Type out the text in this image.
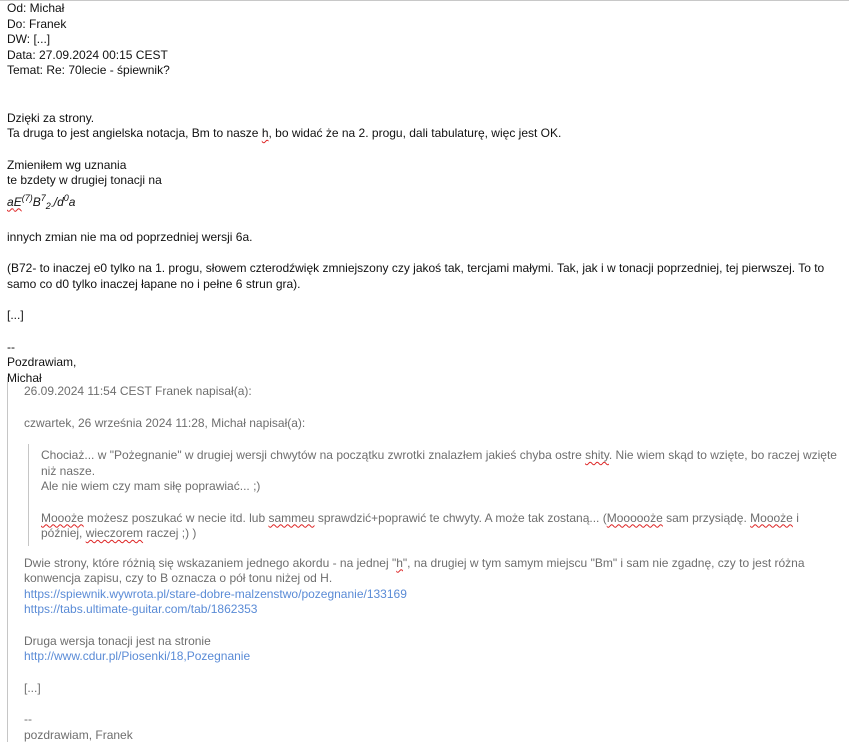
Od: Michał
Do: Franek
DW: [...]
Data: 27.09.2024 00:15 CEST
Temat: Re: 70lecie - śpiewnik?
Dzięki za strony.
Ta druga to jest angielska notacja, Bm to nasze h, bo widać że na 2. progu, dali tabulaturę, więc jest OK.
Zmieniłem wg uznania
te bzdety w drugiej tonacji na
$aE^{(7)}B^7_{2-}/d^0a$
innych zmian nie ma od poprzedniej wersji 6a.
(B72- to inaczej e0 tylko na 1. progu, słowem czterodźwięk zmniejszony czy jakoś tak, tercjami małymi. Tak, jak i w tonacji poprzedniej, tej pierwszej. To to samo co d0 tylko inaczej łapane no i pełne 6 strun gra).
[...]
--
Pozdrawiam,
Michał
26.09.2024 11:54 CEST Franek napisał(a):
czwartek, 26 września 2024 11:28, Michał napisał(a):
Chociaż... w "Pożegnanie" w drugiej wersji chwytów na początku zwrotki znalazłem jakieś chyba ostre shity. Nie wiem skąd to wzięte, bo raczej wzięte niż nasze.
Ale nie wiem czy mam siłę poprawiać... ;)
Moooże możesz poszukać w necie itd. lub sammeu sprawdzić+poprawić te chwyty. A może tak zostaną... (Moooooże sam przysiądę. Moooże i później, wieczorem raczej ;) )
Dwie strony, które różnią się wskazaniem jednego akordu - na jednej "h", na drugiej w tym samym miejscu "Bm" i sam nie zgadnę, czy to jest różna konwencja zapisu, czy to B oznacza o pół tonu niżej od H.
https://spiewnik.wywrota.pl/stare-dobre-malzenstwo/pozegnanie/133169
https://tabs.ultimate-guitar.com/tab/1862353
Druga wersja tonacji jest na stronie
http://www.cdur.pl/Piosenki/18,Pozegnanie
[...]
--
pozdrawiam, Franek
